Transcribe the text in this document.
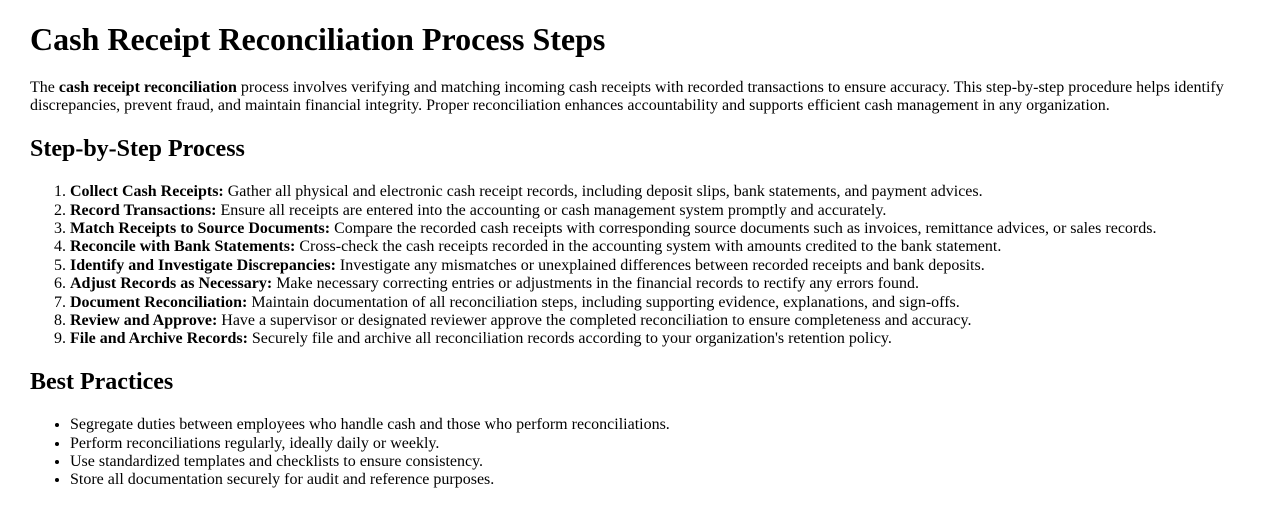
Cash Receipt Reconciliation Process Steps

The cash receipt reconciliation process involves verifying and matching incoming cash receipts with recorded transactions to ensure accuracy. This step-by-step procedure helps identify discrepancies, prevent fraud, and maintain financial integrity. Proper reconciliation enhances accountability and supports efficient cash management in any organization.

Step-by-Step Process
1. Collect Cash Receipts: Gather all physical and electronic cash receipt records, including deposit slips, bank statements, and payment advices.
2. Record Transactions: Ensure all receipts are entered into the accounting or cash management system promptly and accurately.
3. Match Receipts to Source Documents: Compare the recorded cash receipts with corresponding source documents such as invoices, remittance advices, or sales records.
4. Reconcile with Bank Statements: Cross-check the cash receipts recorded in the accounting system with amounts credited to the bank statement.
5. Identify and Investigate Discrepancies: Investigate any mismatches or unexplained differences between recorded receipts and bank deposits.
6. Adjust Records as Necessary: Make necessary correcting entries or adjustments in the financial records to rectify any errors found.
7. Document Reconciliation: Maintain documentation of all reconciliation steps, including supporting evidence, explanations, and sign-offs.
8. Review and Approve: Have a supervisor or designated reviewer approve the completed reconciliation to ensure completeness and accuracy.
9. File and Archive Records: Securely file and archive all reconciliation records according to your organization's retention policy.
Best Practices
• Segregate duties between employees who handle cash and those who perform reconciliations.
• Perform reconciliations regularly, ideally daily or weekly.
• Use standardized templates and checklists to ensure consistency.
• Store all documentation securely for audit and reference purposes.
